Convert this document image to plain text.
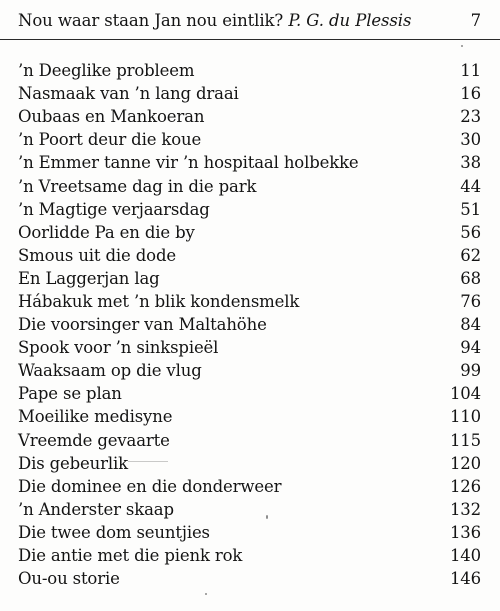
Nou waar staan Jan nou eintlik? P. G. du Plessis	7
’n Deeglike probleem	11
Nasmaak van ’n lang draai	16
Oubaas en Mankoeran	23
’n Poort deur die koue	30
’n Emmer tanne vir ’n hospitaal holbekke	38
’n Vreetsame dag in die park	44
’n Magtige verjaarsdag	51
Oorlidde Pa en die by	56
Smous uit die dode	62
En Laggerjan lag	68
Hábakuk met ’n blik kondensmelk	76
Die voorsinger van Maltahöhe	84
Spook voor ’n sinkspieël	94
Waaksaam op die vlug	99
Pape se plan	104
Moeilike medisyne	110
Vreemde gevaarte	115
Dis gebeurlik	120
Die dominee en die donderweer	126
’n Anderster skaap	132
Die twee dom seuntjies	136
Die antie met die pienk rok	140
Ou-ou storie	146
